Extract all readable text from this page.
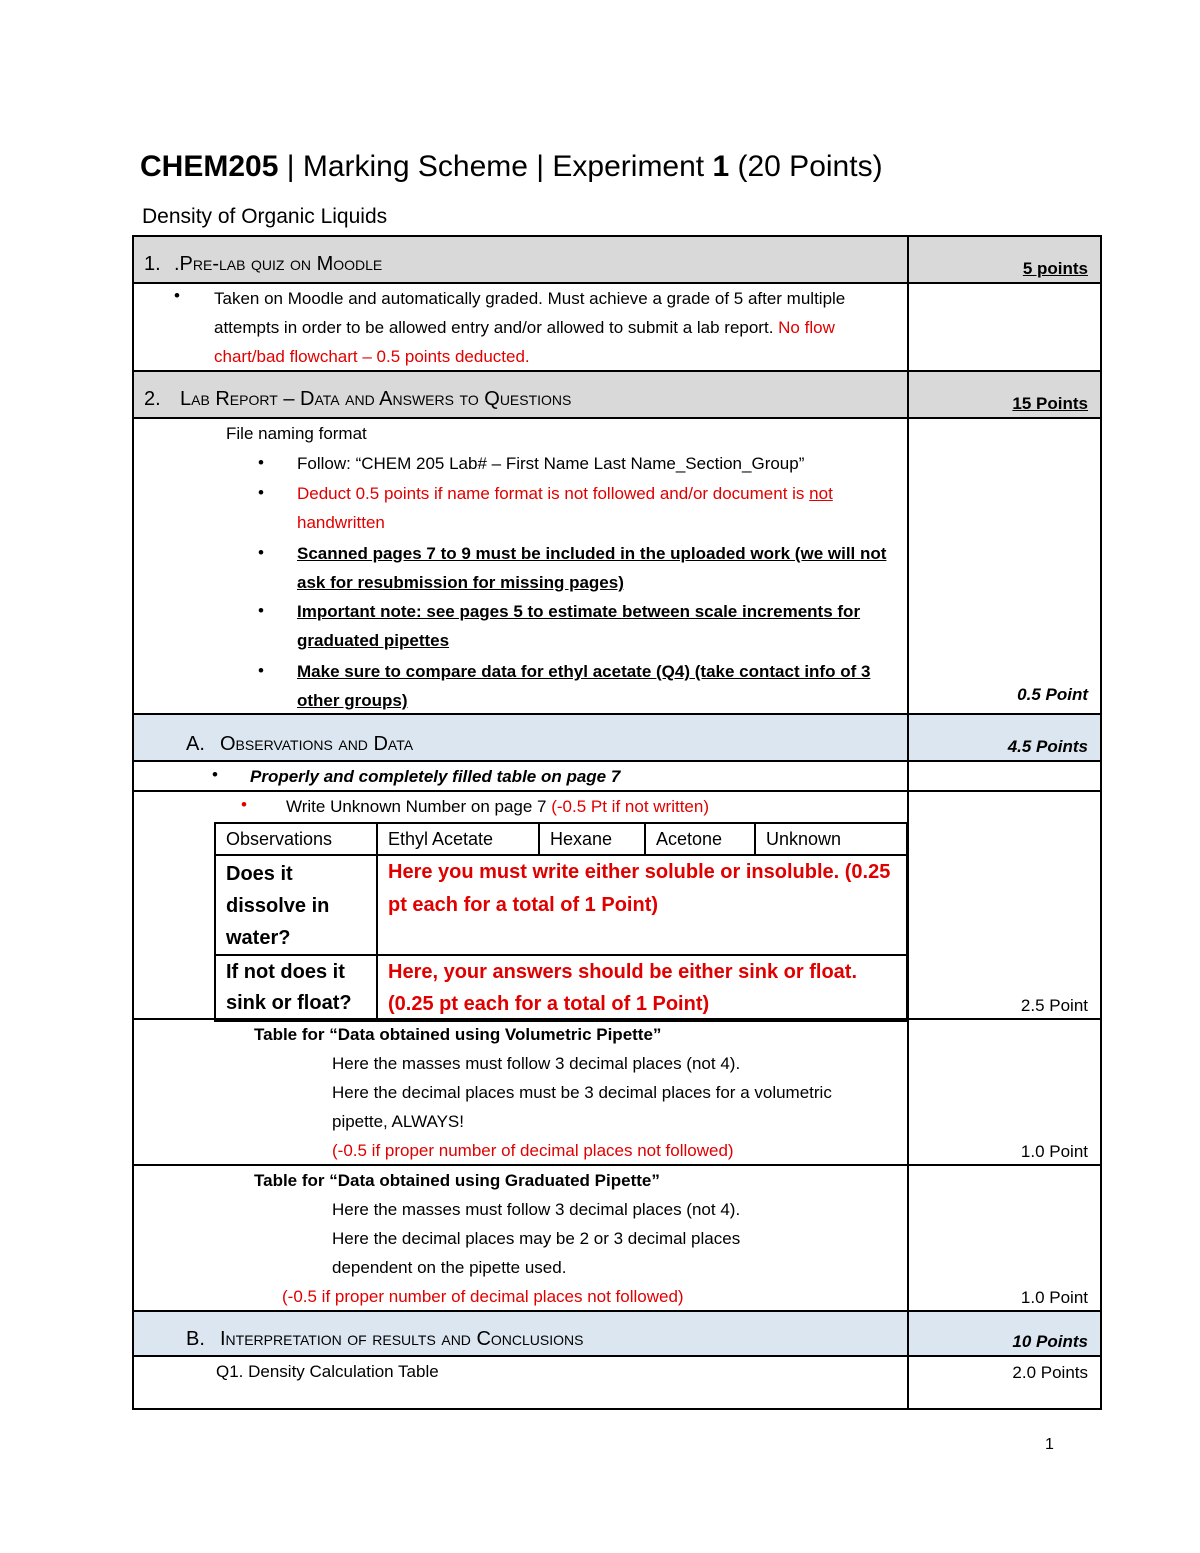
CHEM205 | Marking Scheme | Experiment 1 (20 Points)
Density of Organic Liquids
1. .Pre-lab quiz on Moodle	5 points
• Taken on Moodle and automatically graded. Must achieve a grade of 5 after multiple attempts in order to be allowed entry and/or allowed to submit a lab report. No flow chart/bad flowchart – 0.5 points deducted.
2. Lab Report – Data and Answers to Questions	15 Points
File naming format
• Follow: “CHEM 205 Lab# – First Name Last Name_Section_Group”
• Deduct 0.5 points if name format is not followed and/or document is not handwritten
• Scanned pages 7 to 9 must be included in the uploaded work (we will not ask for resubmission for missing pages)
• Important note: see pages 5 to estimate between scale increments for graduated pipettes
• Make sure to compare data for ethyl acetate (Q4) (take contact info of 3 other groups)	0.5 Point
A. Observations and Data	4.5 Points
• Properly and completely filled table on page 7
• Write Unknown Number on page 7 (-0.5 Pt if not written)
Observations	Ethyl Acetate	Hexane	Acetone	Unknown
Does it dissolve in water?	Here you must write either soluble or insoluble. (0.25 pt each for a total of 1 Point)			
If not does it sink or float?	Here, your answers should be either sink or float. (0.25 pt each for a total of 1 Point)				2.5 Point
Table for “Data obtained using Volumetric Pipette”
Here the masses must follow 3 decimal places (not 4).
Here the decimal places must be 3 decimal places for a volumetric pipette, ALWAYS!
(-0.5 if proper number of decimal places not followed)	1.0 Point
Table for “Data obtained using Graduated Pipette”
Here the masses must follow 3 decimal places (not 4).
Here the decimal places may be 2 or 3 decimal places dependent on the pipette used.
(-0.5 if proper number of decimal places not followed)	1.0 Point
B. Interpretation of results and Conclusions	10 Points
Q1. Density Calculation Table	2.0 Points
1
